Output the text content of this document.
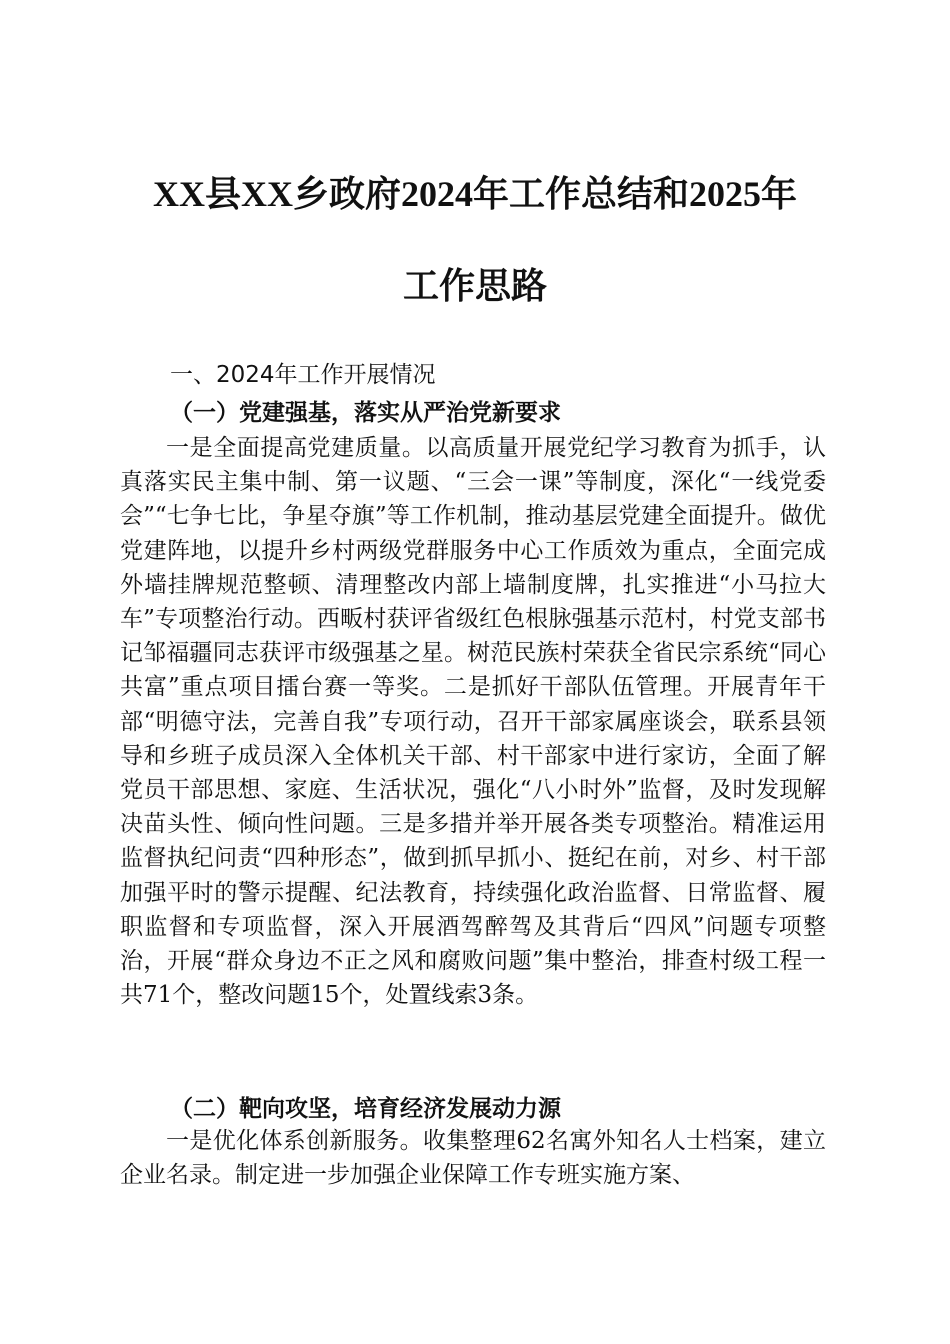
XX县XX乡政府2024年工作总结和2025年
工作思路
一、2024年工作开展情况
（一）党建强基，落实从严治党新要求

一是全面提高党建质量。以高质量开展党纪学习教育为抓手，认真落实民主集中制、第一议题、“三会一课”等制度，深化“一线党委会”“七争七比，争星夺旗”等工作机制，推动基层党建全面提升。做优党建阵地，以提升乡村两级党群服务中心工作质效为重点，全面完成外墙挂牌规范整顿、清理整改内部上墙制度牌，扎实推进“小马拉大车”专项整治行动。西畈村获评省级红色根脉强基示范村，村党支部书记邹福疆同志获评市级强基之星。树范民族村荣获全省民宗系统“同心共富”重点项目擂台赛一等奖。二是抓好干部队伍管理。开展青年干部“明德守法，完善自我”专项行动，召开干部家属座谈会，联系县领导和乡班子成员深入全体机关干部、村干部家中进行家访，全面了解党员干部思想、家庭、生活状况，强化“八小时外”监督，及时发现解决苗头性、倾向性问题。三是多措并举开展各类专项整治。精准运用监督执纪问责“四种形态”，做到抓早抓小、挺纪在前，对乡、村干部加强平时的警示提醒、纪法教育，持续强化政治监督、日常监督、履职监督和专项监督，深入开展酒驾醉驾及其背后“四风”问题专项整治，开展“群众身边不正之风和腐败问题”集中整治，排查村级工程一共71个，整改问题15个，处置线索3条。

（二）靶向攻坚，培育经济发展动力源

一是优化体系创新服务。收集整理62名寓外知名人士档案，建立企业名录。制定进一步加强企业保障工作专班实施方案、
